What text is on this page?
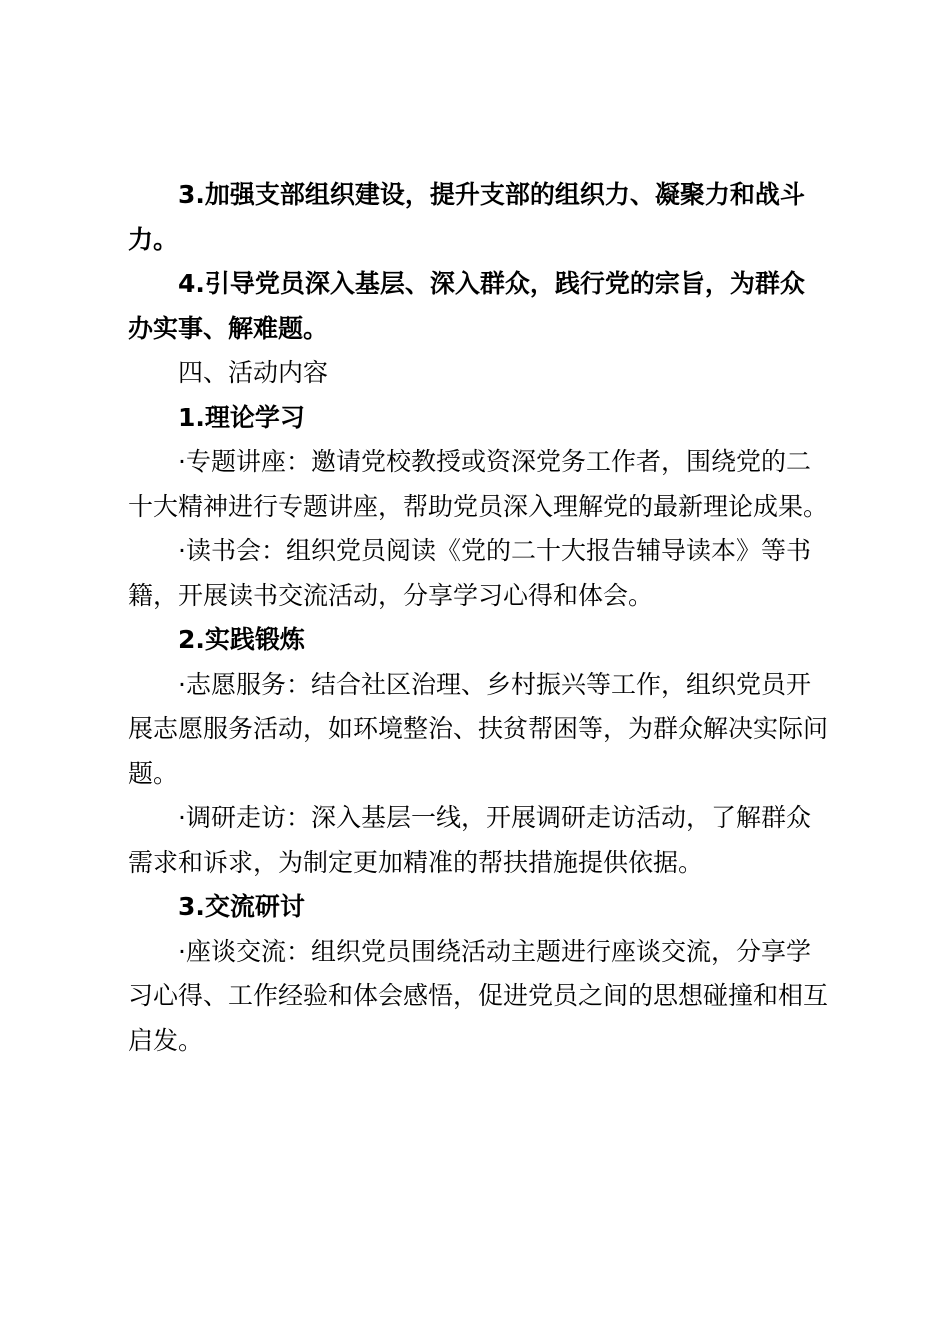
3.加强支部组织建设，提升支部的组织力、凝聚力和战斗力。

4.引导党员深入基层、深入群众，践行党的宗旨，为群众办实事、解难题。

四、活动内容

1.理论学习

·专题讲座：邀请党校教授或资深党务工作者，围绕党的二十大精神进行专题讲座，帮助党员深入理解党的最新理论成果。

·读书会：组织党员阅读《党的二十大报告辅导读本》等书籍，开展读书交流活动，分享学习心得和体会。

2.实践锻炼

·志愿服务：结合社区治理、乡村振兴等工作，组织党员开展志愿服务活动，如环境整治、扶贫帮困等，为群众解决实际问题。

·调研走访：深入基层一线，开展调研走访活动，了解群众需求和诉求，为制定更加精准的帮扶措施提供依据。

3.交流研讨

·座谈交流：组织党员围绕活动主题进行座谈交流，分享学习心得、工作经验和体会感悟，促进党员之间的思想碰撞和相互启发。
